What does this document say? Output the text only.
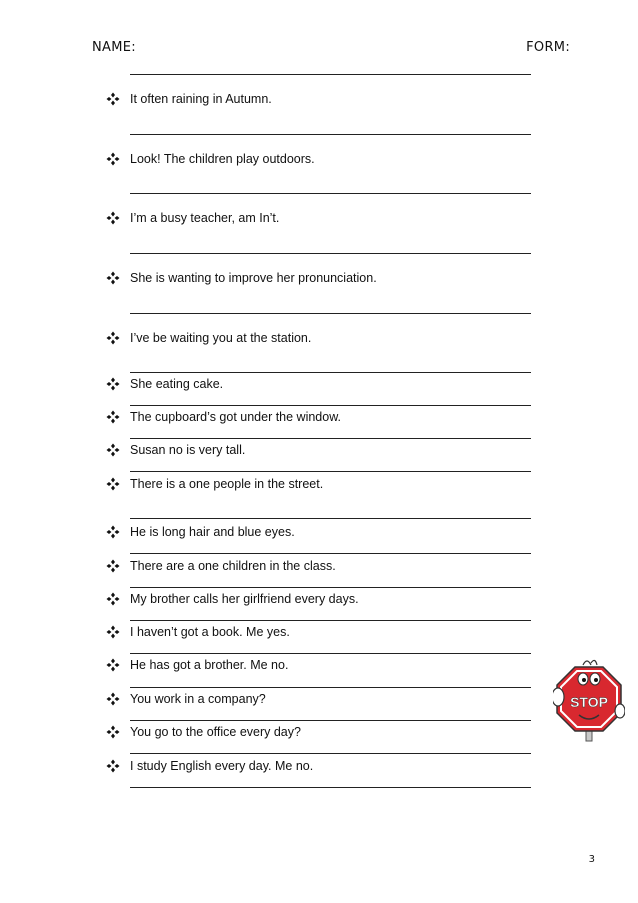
NAME:	FORM:
It often raining in Autumn.
Look! The children play outdoors.
I’m a busy teacher, am In’t.
She is wanting to improve her pronunciation.
I’ve be waiting you at the station.
She eating cake.
The cupboard’s got under the window.
Susan no is very tall.
There is a one people in the street.
He is long hair and blue eyes.
There are a one children in the class.
My brother calls her girlfriend every days.
I haven’t got a book. Me yes.
He has got a brother. Me no.
You work in a company?
You go to the office every day?
I study English every day. Me no.
STOP
3
